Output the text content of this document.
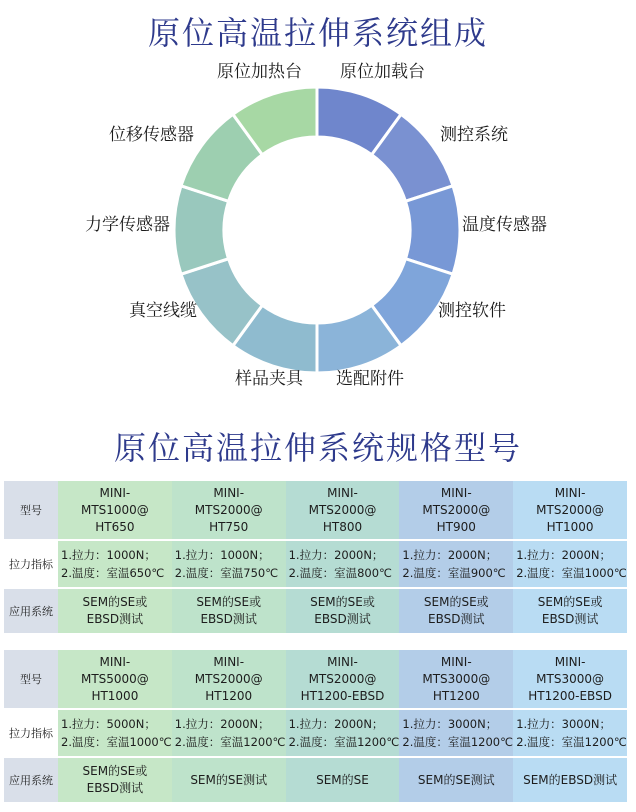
原位高温拉伸系统组成
原位加载台
测控系统
温度传感器
测控软件
选配附件
样品夹具
真空线缆
力学传感器
位移传感器
原位加热台
原位高温拉伸系统规格型号
型号	MINI-
MTS1000@
HT650	MINI-
MTS2000@
HT750	MINI-
MTS2000@
HT800	MINI-
MTS2000@
HT900	MINI-
MTS2000@
HT1000

拉力指标	1.拉力：1000N；
2.温度：室温650℃	1.拉力：1000N；
2.温度：室温750℃	1.拉力：2000N；
2.温度：室温800℃	1.拉力：2000N；
2.温度：室温900℃	1.拉力：2000N；
2.温度：室温1000℃

应用系统	SEM的SE或
EBSD测试	SEM的SE或
EBSD测试	SEM的SE或
EBSD测试	SEM的SE或
EBSD测试	SEM的SE或
EBSD测试
型号	MINI-
MTS5000@
HT1000	MINI-
MTS2000@
HT1200	MINI-
MTS2000@
HT1200-EBSD	MINI-
MTS3000@
HT1200	MINI-
MTS3000@
HT1200-EBSD

拉力指标	1.拉力：5000N；
2.温度：室温1000℃	1.拉力：2000N；
2.温度：室温1200℃	1.拉力：2000N；
2.温度：室温1200℃	1.拉力：3000N；
2.温度：室温1200℃	1.拉力：3000N；
2.温度：室温1200℃

应用系统	SEM的SE或
EBSD测试	SEM的SE测试	SEM的SE	SEM的SE测试	SEM的EBSD测试
